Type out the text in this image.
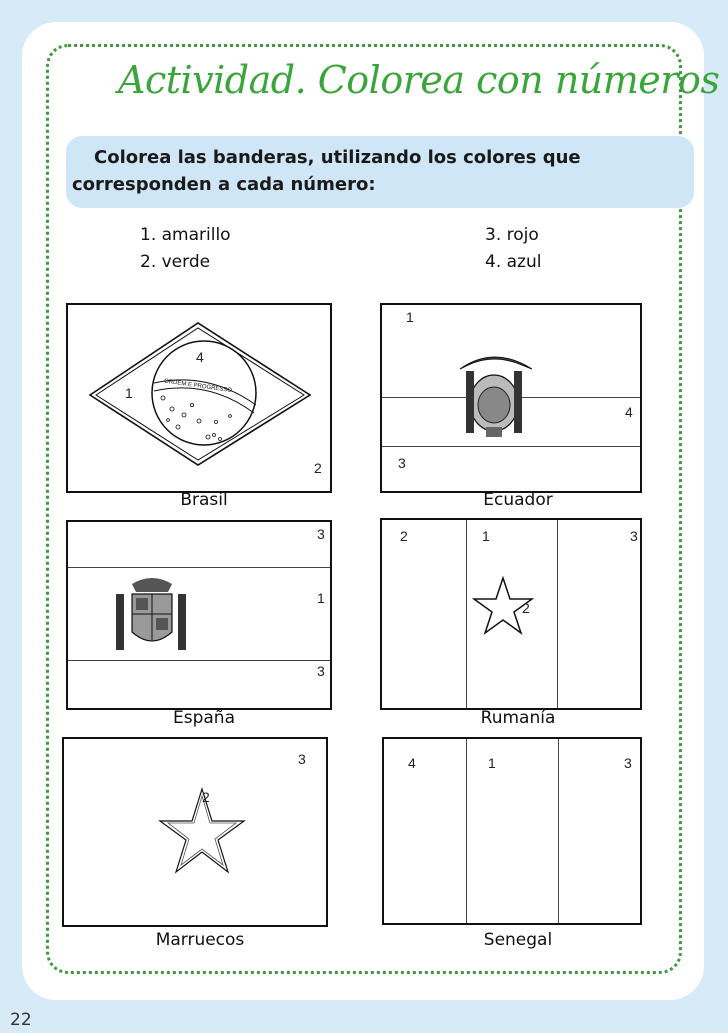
Actividad. Colorea con números
Colorea las banderas, utilizando los colores que corresponden a cada número:
1. amarillo
2. verde
3. rojo
4. azul
ORDEM E PROGRESSO
4
1
2
Brasil
1
4
3
Ecuador
3
1
3
España
2	1	3
2
Rumanía
3
2
Marruecos
4	1	3
Senegal
22
